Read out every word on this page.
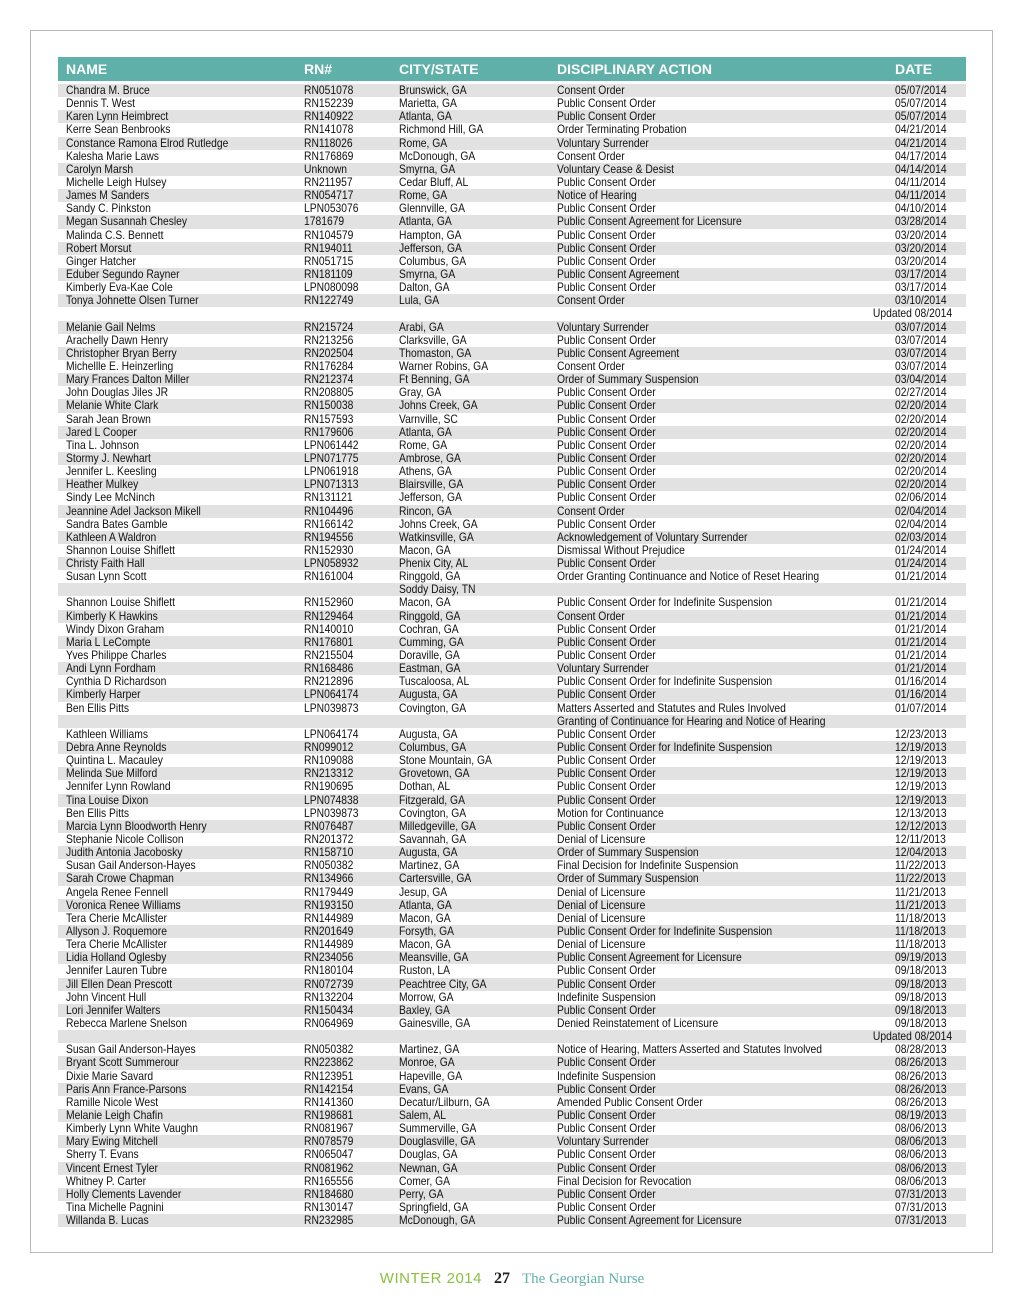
NAME	RN#	CITY/STATE	DISCIPLINARY ACTION	DATE
Chandra M. Bruce	RN051078	Brunswick, GA	Consent Order	05/07/2014
Dennis T. West	RN152239	Marietta, GA	Public Consent Order	05/07/2014
Karen Lynn Heimbrect	RN140922	Atlanta, GA	Public Consent Order	05/07/2014
Kerre Sean Benbrooks	RN141078	Richmond Hill, GA	Order Terminating Probation	04/21/2014
Constance Ramona Elrod Rutledge	RN118026	Rome, GA	Voluntary Surrender	04/21/2014
Kalesha Marie Laws	RN176869	McDonough, GA	Consent Order	04/17/2014
Carolyn Marsh	Unknown	Smyrna, GA	Voluntary Cease & Desist	04/14/2014
Michelle Leigh Hulsey	RN211957	Cedar Bluff, AL	Public Consent Order	04/11/2014
James M Sanders	RN054717	Rome, GA	Notice of Hearing	04/11/2014
Sandy C. Pinkston	LPN053076	Glennville, GA	Public Consent Order	04/10/2014
Megan Susannah Chesley	1781679	Atlanta, GA	Public Consent Agreement for Licensure	03/28/2014
Malinda C.S. Bennett	RN104579	Hampton, GA	Public Consent Order	03/20/2014
Robert Morsut	RN194011	Jefferson, GA	Public Consent Order	03/20/2014
Ginger Hatcher	RN051715	Columbus, GA	Public Consent Order	03/20/2014
Eduber Segundo Rayner	RN181109	Smyrna, GA	Public Consent Agreement	03/17/2014
Kimberly Eva-Kae Cole	LPN080098	Dalton, GA	Public Consent Order	03/17/2014
Tonya Johnette Olsen Turner	RN122749	Lula, GA	Consent Order	03/10/2014
Updated 08/2014
Melanie Gail Nelms	RN215724	Arabi, GA	Voluntary Surrender	03/07/2014
Arachelly Dawn Henry	RN213256	Clarksville, GA	Public Consent Order	03/07/2014
Christopher Bryan Berry	RN202504	Thomaston, GA	Public Consent Agreement	03/07/2014
Michellle E. Heinzerling	RN176284	Warner Robins, GA	Consent Order	03/07/2014
Mary Frances Dalton Miller	RN212374	Ft Benning, GA	Order of Summary Suspension	03/04/2014
John Douglas Jiles JR	RN208805	Gray, GA	Public Consent Order	02/27/2014
Melanie White Clark	RN150038	Johns Creek, GA	Public Consent Order	02/20/2014
Sarah Jean Brown	RN157593	Varnville, SC	Public Consent Order	02/20/2014
Jared L Cooper	RN179606	Atlanta, GA	Public Consent Order	02/20/2014
Tina L. Johnson	LPN061442	Rome, GA	Public Consent Order	02/20/2014
Stormy J. Newhart	LPN071775	Ambrose, GA	Public Consent Order	02/20/2014
Jennifer L. Keesling	LPN061918	Athens, GA	Public Consent Order	02/20/2014
Heather Mulkey	LPN071313	Blairsville, GA	Public Consent Order	02/20/2014
Sindy Lee McNinch	RN131121	Jefferson, GA	Public Consent Order	02/06/2014
Jeannine Adel Jackson Mikell	RN104496	Rincon, GA	Consent Order	02/04/2014
Sandra Bates Gamble	RN166142	Johns Creek, GA	Public Consent Order	02/04/2014
Kathleen A Waldron	RN194556	Watkinsville, GA	Acknowledgement of Voluntary Surrender	02/03/2014
Shannon Louise Shiflett	RN152930	Macon, GA	Dismissal Without Prejudice	01/24/2014
Christy Faith Hall	LPN058932	Phenix City, AL	Public Consent Order	01/24/2014
Susan Lynn Scott	RN161004	Ringgold, GA	Order Granting Continuance and Notice of Reset Hearing	01/21/2014
Soddy Daisy, TN
Shannon Louise Shiflett	RN152960	Macon, GA	Public Consent Order for Indefinite Suspension	01/21/2014
Kimberly K Hawkins	RN129464	Ringgold, GA	Consent Order	01/21/2014
Windy Dixon Graham	RN140010	Cochran, GA	Public Consent Order	01/21/2014
Maria L LeCompte	RN176801	Cumming, GA	Public Consent Order	01/21/2014
Yves Philippe Charles	RN215504	Doraville, GA	Public Consent Order	01/21/2014
Andi Lynn Fordham	RN168486	Eastman, GA	Voluntary Surrender	01/21/2014
Cynthia D Richardson	RN212896	Tuscaloosa, AL	Public Consent Order for Indefinite Suspension	01/16/2014
Kimberly Harper	LPN064174	Augusta, GA	Public Consent Order	01/16/2014
Ben Ellis Pitts	LPN039873	Covington, GA	Matters Asserted and Statutes and Rules Involved	01/07/2014
Granting of Continuance for Hearing and Notice of Hearing
Kathleen Williams	LPN064174	Augusta, GA	Public Consent Order	12/23/2013
Debra Anne Reynolds	RN099012	Columbus, GA	Public Consent Order for Indefinite Suspension	12/19/2013
Quintina L. Macauley	RN109088	Stone Mountain, GA	Public Consent Order	12/19/2013
Melinda Sue Milford	RN213312	Grovetown, GA	Public Consent Order	12/19/2013
Jennifer Lynn Rowland	RN190695	Dothan, AL	Public Consent Order	12/19/2013
Tina Louise Dixon	LPN074838	Fitzgerald, GA	Public Consent Order	12/19/2013
Ben Ellis Pitts	LPN039873	Covington, GA	Motion for Continuance	12/13/2013
Marcia Lynn Bloodworth Henry	RN076487	Milledgeville, GA	Public Consent Order	12/12/2013
Stephanie Nicole Collison	RN201372	Savannah, GA	Denial of Licensure	12/11/2013
Judith Antonia Jacobosky	RN158710	Augusta, GA	Order of Summary Suspension	12/04/2013
Susan Gail Anderson-Hayes	RN050382	Martinez, GA	Final Decision for Indefinite Suspension	11/22/2013
Sarah Crowe Chapman	RN134966	Cartersville, GA	Order of Summary Suspension	11/22/2013
Angela Renee Fennell	RN179449	Jesup, GA	Denial of Licensure	11/21/2013
Voronica Renee Williams	RN193150	Atlanta, GA	Denial of Licensure	11/21/2013
Tera Cherie McAllister	RN144989	Macon, GA	Denial of Licensure	11/18/2013
Allyson J. Roquemore	RN201649	Forsyth, GA	Public Consent Order for Indefinite Suspension	11/18/2013
Tera Cherie McAllister	RN144989	Macon, GA	Denial of Licensure	11/18/2013
Lidia Holland Oglesby	RN234056	Meansville, GA	Public Consent Agreement for Licensure	09/19/2013
Jennifer Lauren Tubre	RN180104	Ruston, LA	Public Consent Order	09/18/2013
Jill Ellen Dean Prescott	RN072739	Peachtree City, GA	Public Consent Order	09/18/2013
John Vincent Hull	RN132204	Morrow, GA	Indefinite Suspension	09/18/2013
Lori Jennifer Walters	RN150434	Baxley, GA	Public Consent Order	09/18/2013
Rebecca Marlene Snelson	RN064969	Gainesville, GA	Denied Reinstatement of Licensure	09/18/2013
Updated 08/2014
Susan Gail Anderson-Hayes	RN050382	Martinez, GA	Notice of Hearing, Matters Asserted and Statutes Involved	08/28/2013
Bryant Scott Summerour	RN223862	Monroe, GA	Public Consent Order	08/26/2013
Dixie Marie Savard	RN123951	Hapeville, GA	Indefinite Suspension	08/26/2013
Paris Ann France-Parsons	RN142154	Evans, GA	Public Consent Order	08/26/2013
Ramille Nicole West	RN141360	Decatur/Lilburn, GA	Amended Public Consent Order	08/26/2013
Melanie Leigh Chafin	RN198681	Salem, AL	Public Consent Order	08/19/2013
Kimberly Lynn White Vaughn	RN081967	Summerville, GA	Public Consent Order	08/06/2013
Mary Ewing Mitchell	RN078579	Douglasville, GA	Voluntary Surrender	08/06/2013
Sherry T. Evans	RN065047	Douglas, GA	Public Consent Order	08/06/2013
Vincent Ernest Tyler	RN081962	Newnan, GA	Public Consent Order	08/06/2013
Whitney P. Carter	RN165556	Comer, GA	Final Decision for Revocation	08/06/2013
Holly Clements Lavender	RN184680	Perry, GA	Public Consent Order	07/31/2013
Tina Michelle Pagnini	RN130147	Springfield, GA	Public Consent Order	07/31/2013
Willanda B. Lucas	RN232985	McDonough, GA	Public Consent Agreement for Licensure	07/31/2013
WINTER 2014 27 The Georgian Nurse
